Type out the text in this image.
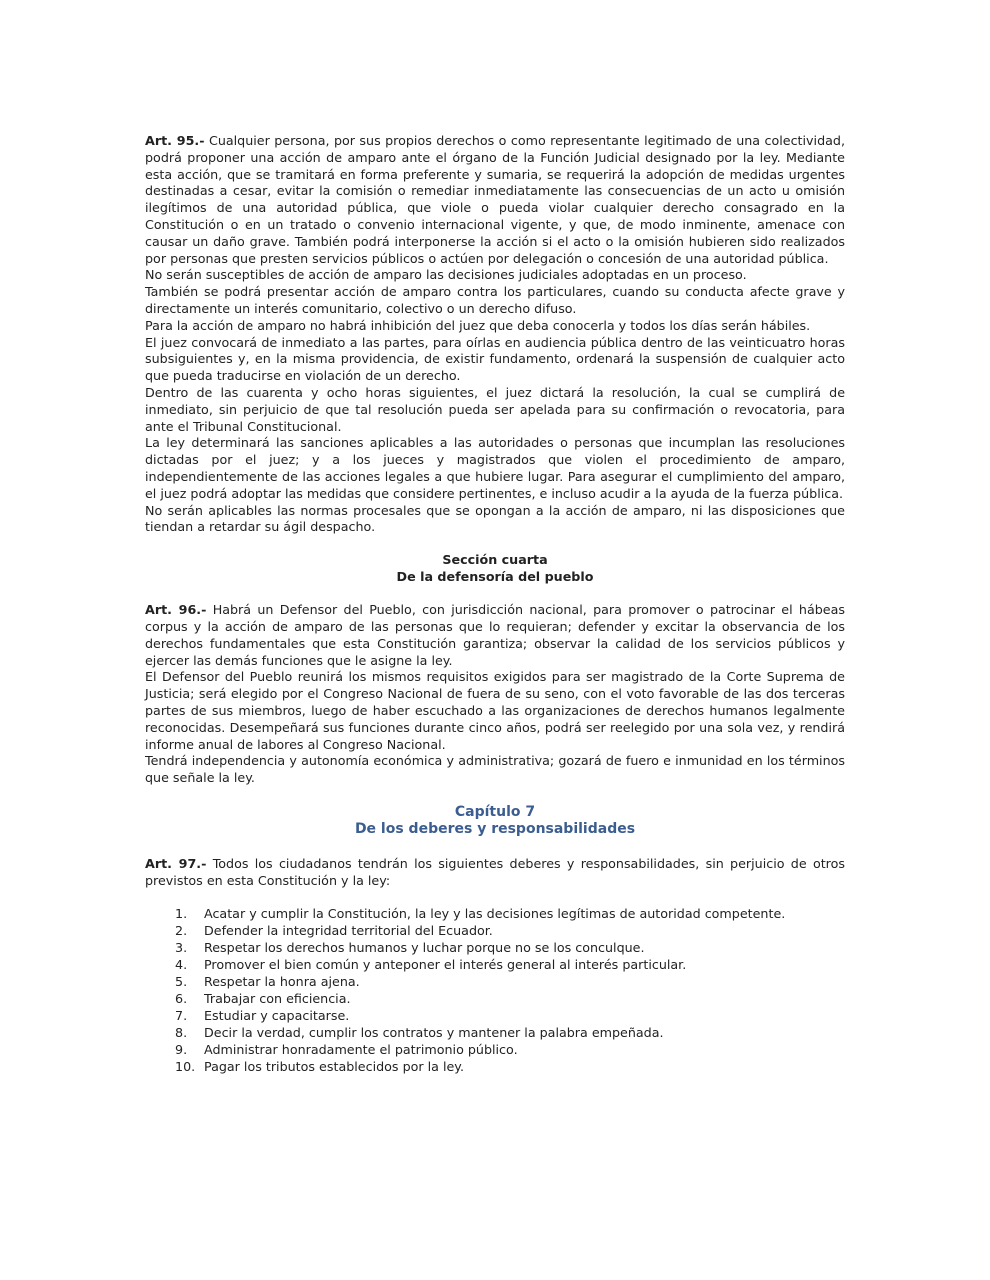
Art. 95.- Cualquier persona, por sus propios derechos o como representante legitimado de una colectividad, podrá proponer una acción de amparo ante el órgano de la Función Judicial designado por la ley. Mediante esta acción, que se tramitará en forma preferente y sumaria, se requerirá la adopción de medidas urgentes destinadas a cesar, evitar la comisión o remediar inmediatamente las consecuencias de un acto u omisión ilegítimos de una autoridad pública, que viole o pueda violar cualquier derecho consagrado en la Constitución o en un tratado o convenio internacional vigente, y que, de modo inminente, amenace con causar un daño grave. También podrá interponerse la acción si el acto o la omisión hubieren sido realizados por personas que presten servicios públicos o actúen por delegación o concesión de una autoridad pública.

No serán susceptibles de acción de amparo las decisiones judiciales adoptadas en un proceso.

También se podrá presentar acción de amparo contra los particulares, cuando su conducta afecte grave y directamente un interés comunitario, colectivo o un derecho difuso.

Para la acción de amparo no habrá inhibición del juez que deba conocerla y todos los días serán hábiles.

El juez convocará de inmediato a las partes, para oírlas en audiencia pública dentro de las veinticuatro horas subsiguientes y, en la misma providencia, de existir fundamento, ordenará la suspensión de cualquier acto que pueda traducirse en violación de un derecho.

Dentro de las cuarenta y ocho horas siguientes, el juez dictará la resolución, la cual se cumplirá de inmediato, sin perjuicio de que tal resolución pueda ser apelada para su confirmación o revocatoria, para ante el Tribunal Constitucional.

La ley determinará las sanciones aplicables a las autoridades o personas que incumplan las resoluciones dictadas por el juez; y a los jueces y magistrados que violen el procedimiento de amparo, independientemente de las acciones legales a que hubiere lugar. Para asegurar el cumplimiento del amparo, el juez podrá adoptar las medidas que considere pertinentes, e incluso acudir a la ayuda de la fuerza pública.

No serán aplicables las normas procesales que se opongan a la acción de amparo, ni las disposiciones que tiendan a retardar su ágil despacho.

Sección cuarta
De la defensoría del pueblo

Art. 96.- Habrá un Defensor del Pueblo, con jurisdicción nacional, para promover o patrocinar el hábeas corpus y la acción de amparo de las personas que lo requieran; defender y excitar la observancia de los derechos fundamentales que esta Constitución garantiza; observar la calidad de los servicios públicos y ejercer las demás funciones que le asigne la ley.

El Defensor del Pueblo reunirá los mismos requisitos exigidos para ser magistrado de la Corte Suprema de Justicia; será elegido por el Congreso Nacional de fuera de su seno, con el voto favorable de las dos terceras partes de sus miembros, luego de haber escuchado a las organizaciones de derechos humanos legalmente reconocidas. Desempeñará sus funciones durante cinco años, podrá ser reelegido por una sola vez, y rendirá informe anual de labores al Congreso Nacional.

Tendrá independencia y autonomía económica y administrativa; gozará de fuero e inmunidad en los términos que señale la ley.

Capítulo 7
De los deberes y responsabilidades

Art. 97.- Todos los ciudadanos tendrán los siguientes deberes y responsabilidades, sin perjuicio de otros previstos en esta Constitución y la ley:

1.	Acatar y cumplir la Constitución, la ley y las decisiones legítimas de autoridad competente.
2.	Defender la integridad territorial del Ecuador.
3.	Respetar los derechos humanos y luchar porque no se los conculque.
4.	Promover el bien común y anteponer el interés general al interés particular.
5.	Respetar la honra ajena.
6.	Trabajar con eficiencia.
7.	Estudiar y capacitarse.
8.	Decir la verdad, cumplir los contratos y mantener la palabra empeñada.
9.	Administrar honradamente el patrimonio público.
10. Pagar los tributos establecidos por la ley.
